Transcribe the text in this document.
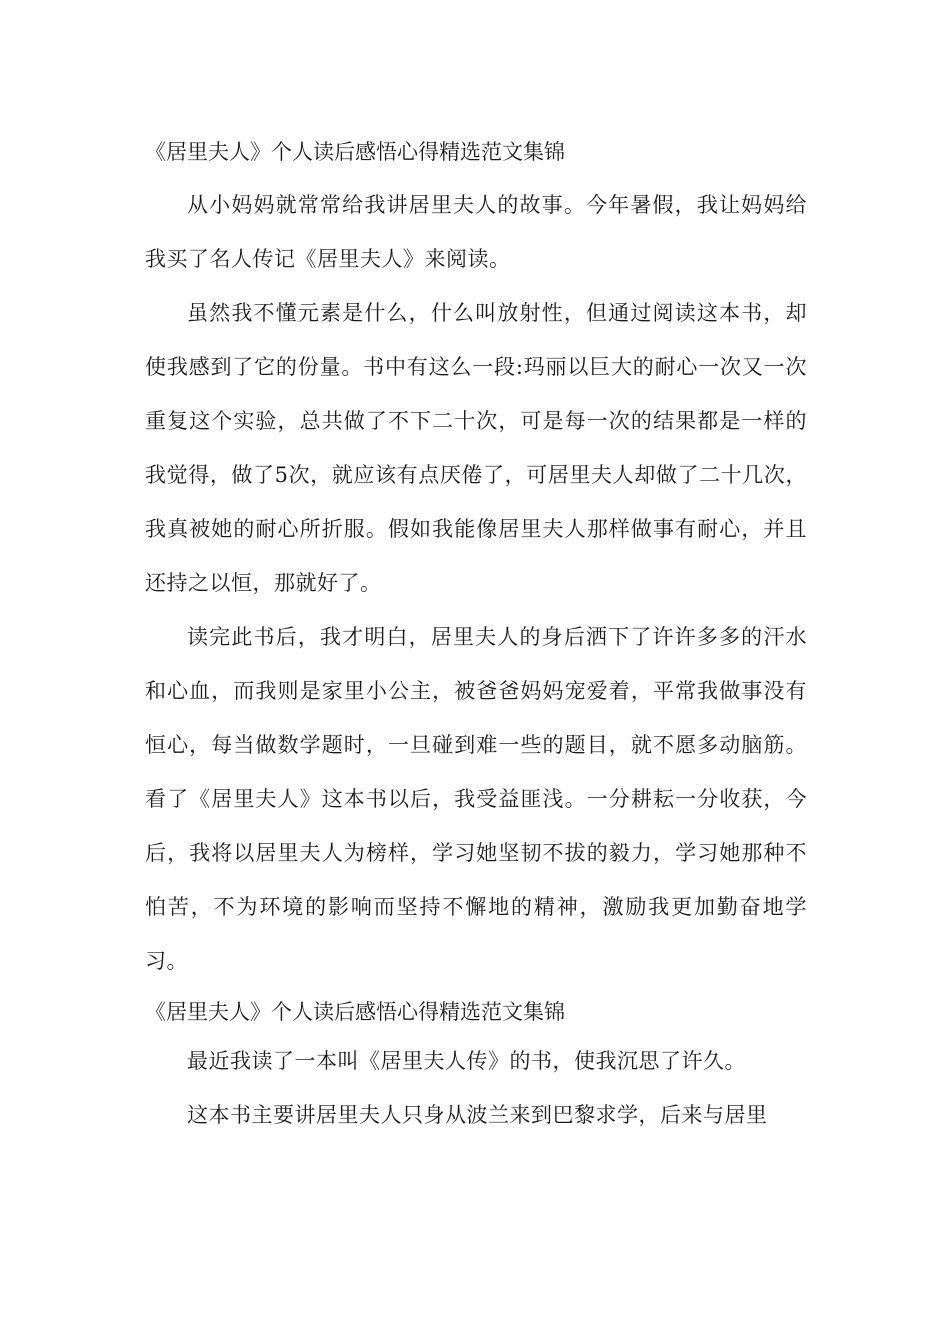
《居里夫人》个人读后感悟心得精选范文集锦

从小妈妈就常常给我讲居里夫人的故事。今年暑假，我让妈妈给我买了名人传记《居里夫人》来阅读。

虽然我不懂元素是什么，什么叫放射性，但通过阅读这本书，却使我感到了它的份量。书中有这么一段:玛丽以巨大的耐心一次又一次重复这个实验，总共做了不下二十次，可是每一次的结果都是一样的我觉得，做了5次，就应该有点厌倦了，可居里夫人却做了二十几次，我真被她的耐心所折服。假如我能像居里夫人那样做事有耐心，并且还持之以恒，那就好了。

读完此书后，我才明白，居里夫人的身后洒下了许许多多的汗水和心血，而我则是家里小公主，被爸爸妈妈宠爱着，平常我做事没有恒心，每当做数学题时，一旦碰到难一些的题目，就不愿多动脑筋。看了《居里夫人》这本书以后，我受益匪浅。一分耕耘一分收获，今后，我将以居里夫人为榜样，学习她坚韧不拔的毅力，学习她那种不怕苦，不为环境的影响而坚持不懈地的精神，激励我更加勤奋地学习。

《居里夫人》个人读后感悟心得精选范文集锦

最近我读了一本叫《居里夫人传》的书，使我沉思了许久。

这本书主要讲居里夫人只身从波兰来到巴黎求学，后来与居里
